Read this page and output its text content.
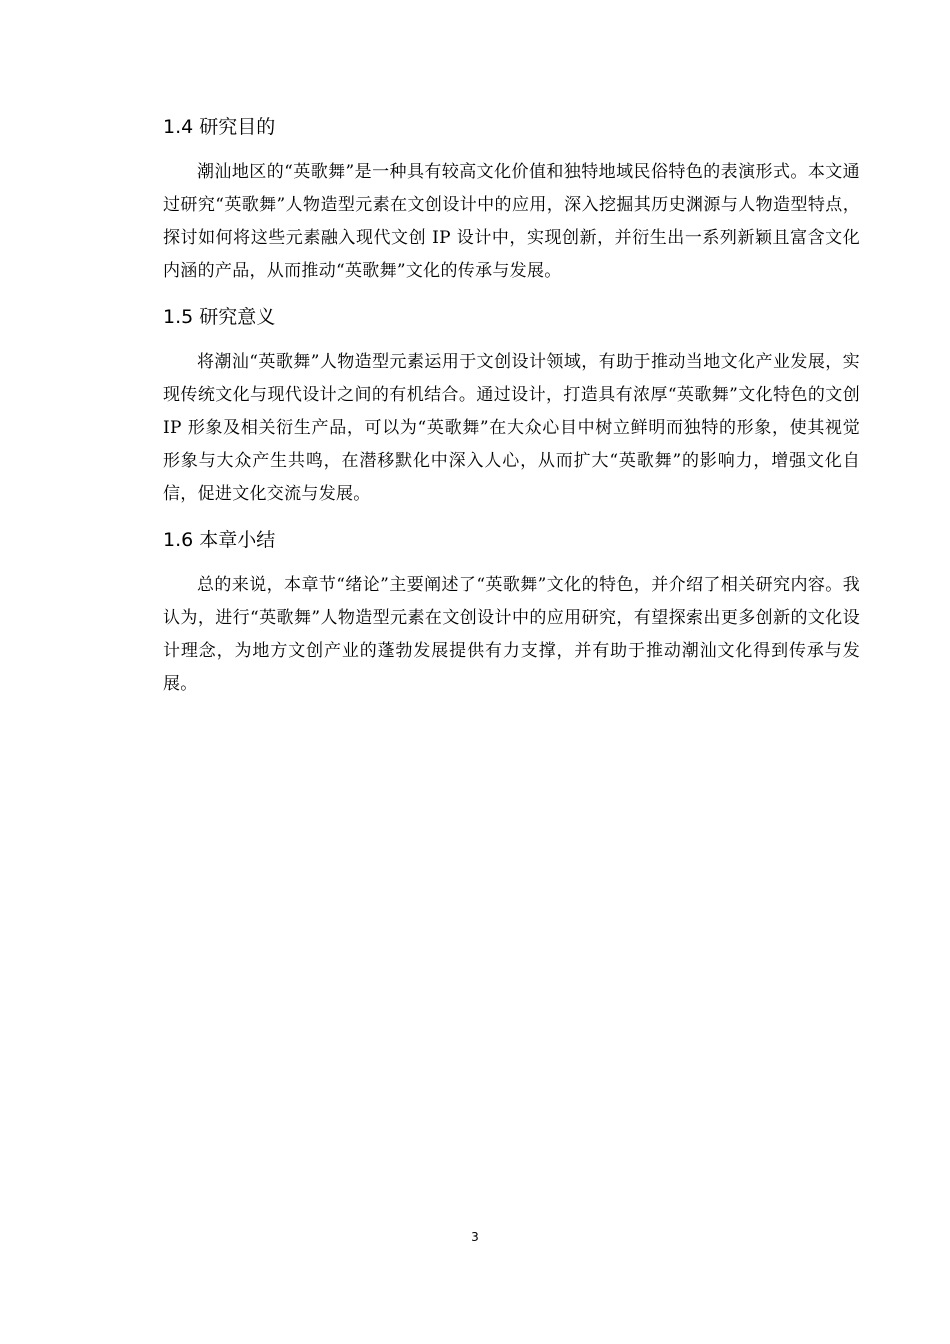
1.4 研究目的

潮汕地区的“英歌舞”是一种具有较高文化价值和独特地域民俗特色的表演形式。本文通过研究“英歌舞”人物造型元素在文创设计中的应用，深入挖掘其历史渊源与人物造型特点，探讨如何将这些元素融入现代文创 IP 设计中，实现创新，并衍生出一系列新颖且富含文化内涵的产品，从而推动“英歌舞”文化的传承与发展。

1.5 研究意义

将潮汕“英歌舞”人物造型元素运用于文创设计领域，有助于推动当地文化产业发展，实现传统文化与现代设计之间的有机结合。通过设计，打造具有浓厚“英歌舞”文化特色的文创 IP 形象及相关衍生产品，可以为“英歌舞”在大众心目中树立鲜明而独特的形象，使其视觉形象与大众产生共鸣，在潜移默化中深入人心，从而扩大“英歌舞”的影响力，增强文化自信，促进文化交流与发展。

1.6 本章小结

总的来说，本章节“绪论”主要阐述了“英歌舞”文化的特色，并介绍了相关研究内容。我认为，进行“英歌舞”人物造型元素在文创设计中的应用研究，有望探索出更多创新的文化设计理念，为地方文创产业的蓬勃发展提供有力支撑，并有助于推动潮汕文化得到传承与发展。

3
